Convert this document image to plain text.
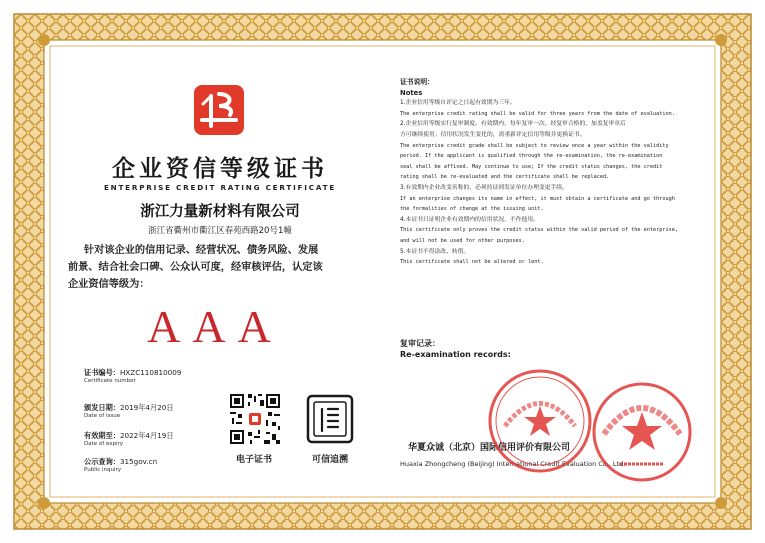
企业资信等级证书
ENTERPRISE CREDIT RATING CERTIFICATE
浙江力量新材料有限公司
浙江省衢州市衢江区春苑西路20号1幢

针对该企业的信用记录、经营状况、债务风险、发展

前景、结合社会口碑、公众认可度，经审核评估，认定该

企业资信等级为：

AAA
证书编号：HXZC110810009
Certificate number
颁发日期：2019年4月20日
Date of issue
有效期至：2022年4月19日
Date of expiry
公示查询：315gov.cn
Public inquiry
电子证书	可信追溯
证书说明：
Notes
1.企业信用等级自评定之日起有效期为三年。
The enterprise credit rating shall be valid for three years from the date of evaluation.
2.企业信用等级实行复审制度。有效期内，每年复审一次。经复审合格的，加盖复审章后
方可继续使用；信用状况发生变化的，需重新评定信用等级并更换证书。
The enterprise credit grade shall be subject to review once a year within the validity
period. If the applicant is qualified through the re-examination, the re-examination
seal shall be affixed. May continue to use; If the credit status changes, the credit
rating shall be re-evaluated and the certificate shall be replaced.
3.有效期内企业改变名称的，必须持证到发证单位办理变更手续。
If an enterprise changes its name in effect, it must obtain a certificate and go through
the formalities of change at the issuing unit.
4.本证书只证明企业有效期内的信用状况，不作他用。
This certificate only proves the credit status within the valid period of the enterprise,
and will not be used for other purposes.
5.本证书不得涂改、转借。
This certificate shall not be altered or lent.
复审记录：
Re-examination records:
华夏众诚（北京）国际信用评价有限公司
Huaxia Zhongcheng (Beijing) International Credit Evaluation Co., Ltd.
